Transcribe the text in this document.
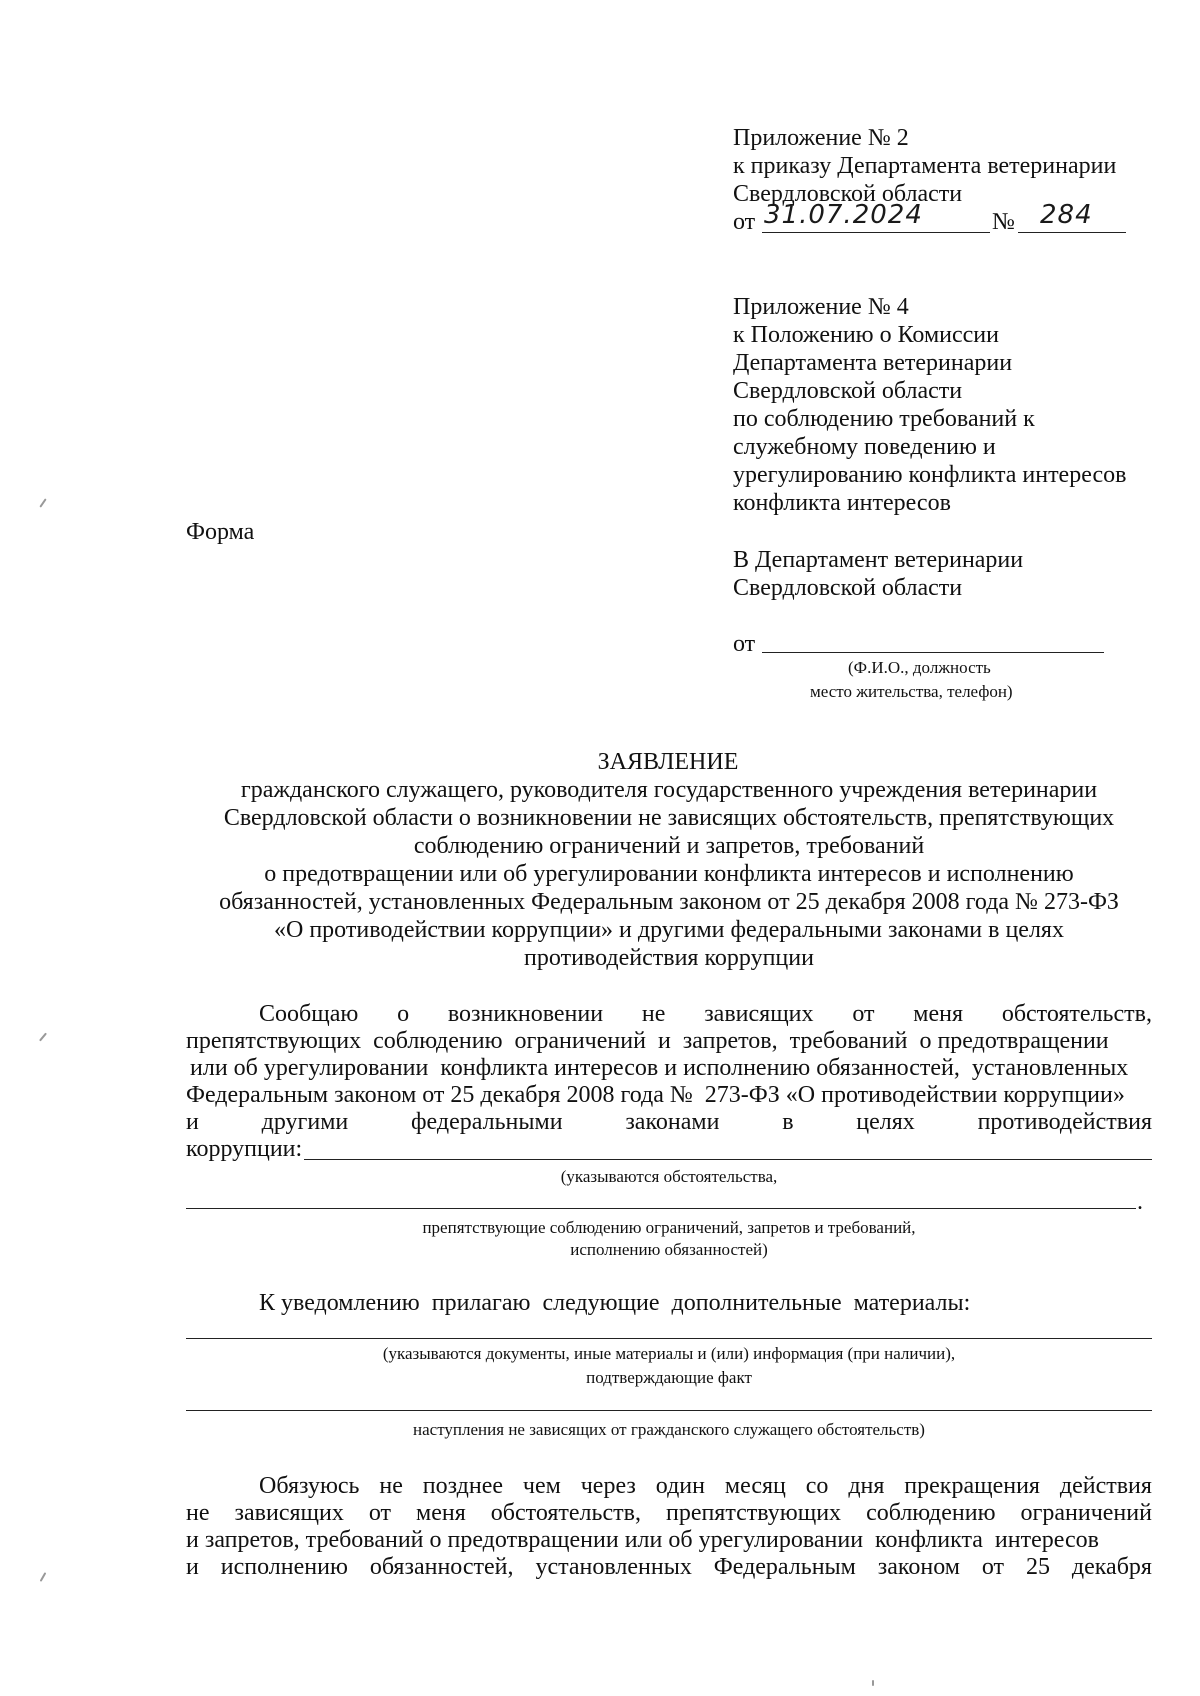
Приложение № 2
к приказу Департамента ветеринарии
Свердловской области
от 31.07.2024	№ 284
Приложение № 4
к Положению о Комиссии
Департамента ветеринарии
Свердловской области
по соблюдению требований к
служебному поведению и
урегулированию конфликта интересов
конфликта интересов
Форма
В Департамент ветеринарии
Свердловской области
от
(Ф.И.О., должность
место жительства, телефон)
ЗАЯВЛЕНИЕ
гражданского служащего, руководителя государственного учреждения ветеринарии
Свердловской области о возникновении не зависящих обстоятельств, препятствующих
соблюдению ограничений и запретов, требований
о предотвращении или об урегулировании конфликта интересов и исполнению
обязанностей, установленных Федеральным законом от 25 декабря 2008 года № 273-ФЗ
«О противодействии коррупции» и другими федеральными законами в целях
противодействия коррупции
Сообщаю о возникновении не зависящих от меня обстоятельств,
препятствующих  соблюдению  ограничений  и  запретов,  требований  о предотвращении
или об урегулировании  конфликта интересов и исполнению обязанностей,  установленных
Федеральным законом от 25 декабря 2008 года №  273-ФЗ «О противодействии коррупции»
и	другими	федеральными	законами	в	целях	противодействия
коррупции:
(указываются обстоятельства,
.
препятствующие соблюдению ограничений, запретов и требований,
исполнению обязанностей)
К уведомлению  прилагаю  следующие  дополнительные  материалы:
(указываются документы, иные материалы и (или) информация (при наличии),
подтверждающие факт
наступления не зависящих от гражданского служащего обстоятельств)
Обязуюсь не позднее чем через один месяц со дня прекращения действия
не зависящих от меня обстоятельств, препятствующих соблюдению ограничений
и запретов, требований о предотвращении или об урегулировании  конфликта  интересов
и исполнению обязанностей, установленных Федеральным законом от 25 декабря
